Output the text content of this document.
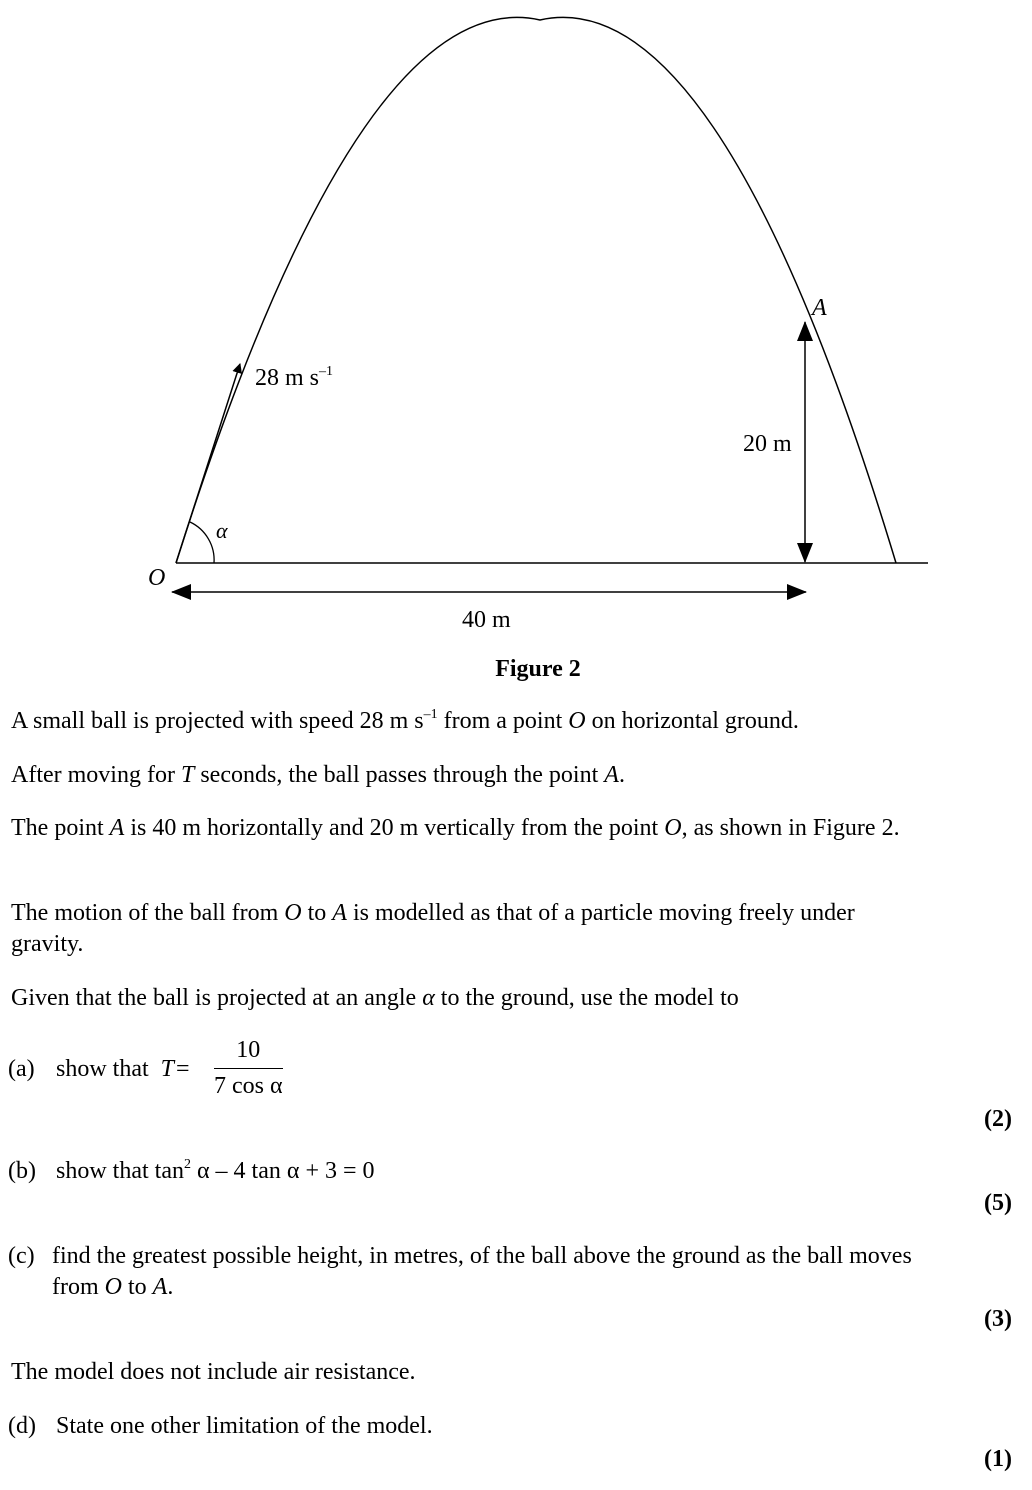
28 m $s^{-1}$
α
O
A
20 m
40 m
Figure 2
A small ball is projected with speed 28 m $s^{-1}$ from a point O on horizontal ground.
After moving for T seconds, the ball passes through the point A.
The point A is 40 m horizontally and 20 m vertically from the point O, as shown in Figure 2.
The motion of the ball from O to A is modelled as that of a particle moving freely under gravity.
Given that the ball is projected at an angle α to the ground, use the model to
(a) show that T=	$\frac{10}{\text{7 cos α}}$
(2)
(b) show that $\tan^2 \alpha - 4$ tan α + 3 = 0
(5)
(c) find the greatest possible height, in metres, of the ball above the ground as the ball moves from O to A.
(3)
The model does not include air resistance.
(d) State one other limitation of the model.
(1)
